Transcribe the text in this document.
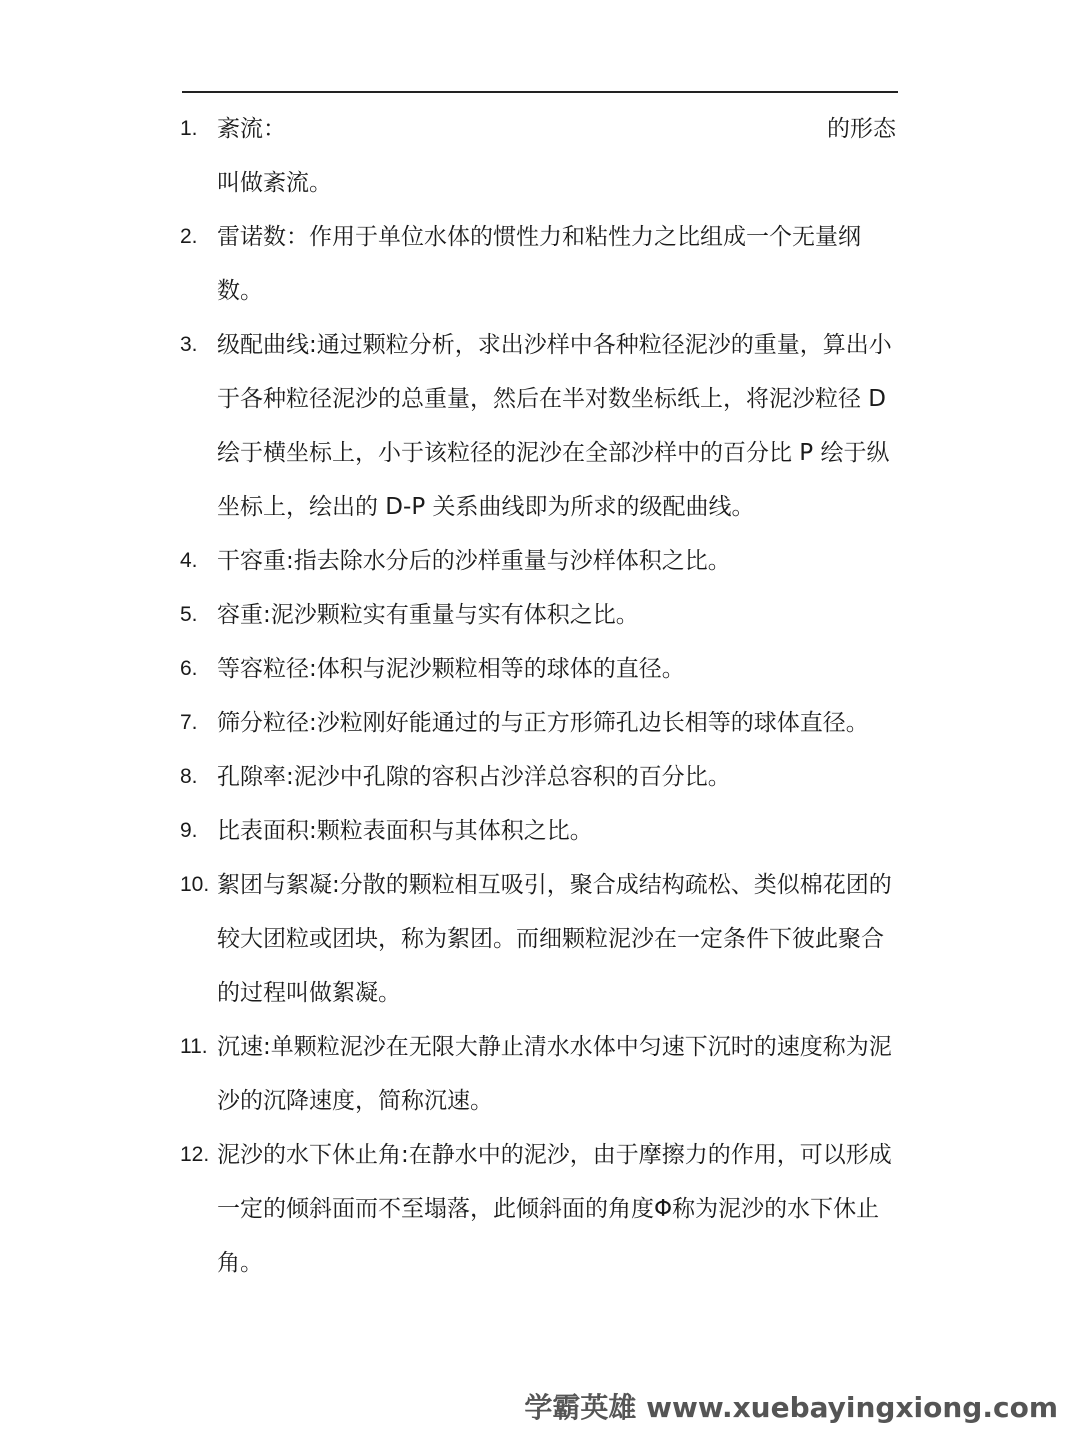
1. 紊流：	的形态
叫做紊流。
2. 雷诺数：作用于单位水体的惯性力和粘性力之比组成一个无量纲数。
3. 级配曲线:通过颗粒分析，求出沙样中各种粒径泥沙的重量，算出小于各种粒径泥沙的总重量，然后在半对数坐标纸上，将泥沙粒径 D 绘于横坐标上，小于该粒径的泥沙在全部沙样中的百分比 P 绘于纵坐标上，绘出的 D-P 关系曲线即为所求的级配曲线。
4. 干容重:指去除水分后的沙样重量与沙样体积之比。
5. 容重:泥沙颗粒实有重量与实有体积之比。
6. 等容粒径:体积与泥沙颗粒相等的球体的直径。
7. 筛分粒径:沙粒刚好能通过的与正方形筛孔边长相等的球体直径。
8. 孔隙率:泥沙中孔隙的容积占沙洋总容积的百分比。
9. 比表面积:颗粒表面积与其体积之比。
10. 絮团与絮凝:分散的颗粒相互吸引，聚合成结构疏松、类似棉花团的较大团粒或团块，称为絮团。而细颗粒泥沙在一定条件下彼此聚合的过程叫做絮凝。
11. 沉速:单颗粒泥沙在无限大静止清水水体中匀速下沉时的速度称为泥沙的沉降速度，简称沉速。
12. 泥沙的水下休止角:在静水中的泥沙，由于摩擦力的作用，可以形成一定的倾斜面而不至塌落，此倾斜面的角度Φ称为泥沙的水下休止角。
学霸英雄 www.xuebayingxiong.com
